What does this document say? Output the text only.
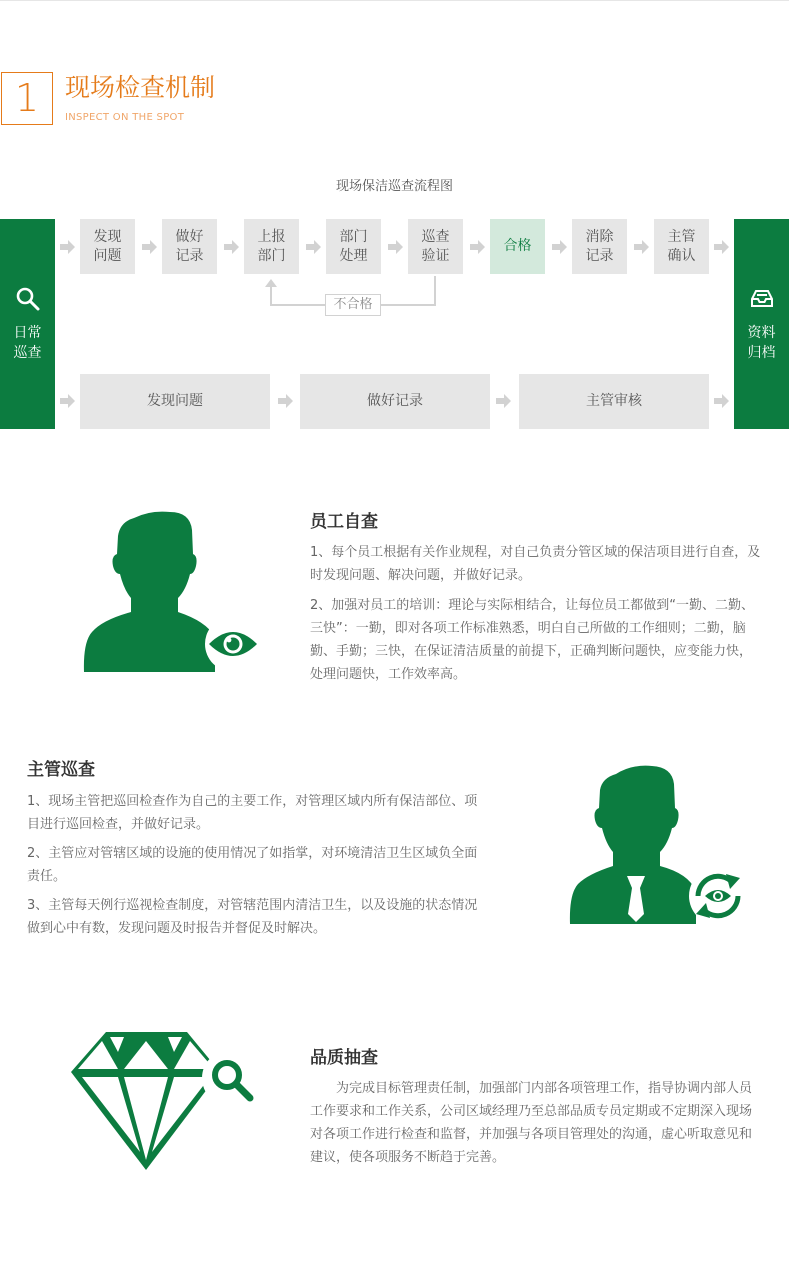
1	现场检查机制
INSPECT ON THE SPOT
现场保洁巡查流程图
日常
巡查
资料
归档
发现
问题
做好
记录
上报
部门
部门
处理
巡查
验证
合格
消除
记录
主管
确认
不合格
发现问题	做好记录	主管审核
员工自查
1、每个员工根据有关作业规程，对自己负责分管区域的保洁项目进行自查，及时发现问题、解决问题，并做好记录。
2、加强对员工的培训：理论与实际相结合，让每位员工都做到“一勤、二勤、三快”：一勤，即对各项工作标准熟悉，明白自己所做的工作细则；二勤，脑勤、手勤；三快，在保证清洁质量的前提下，正确判断问题快，应变能力快，处理问题快，工作效率高。
主管巡查
1、现场主管把巡回检查作为自己的主要工作，对管理区域内所有保洁部位、项目进行巡回检查，并做好记录。
2、主管应对管辖区域的设施的使用情况了如指掌，对环境清洁卫生区域负全面责任。
3、主管每天例行巡视检查制度，对管辖范围内清洁卫生，以及设施的状态情况做到心中有数，发现问题及时报告并督促及时解决。
品质抽查
为完成目标管理责任制，加强部门内部各项管理工作，指导协调内部人员工作要求和工作关系，公司区域经理乃至总部品质专员定期或不定期深入现场对各项工作进行检查和监督，并加强与各项目管理处的沟通，虚心听取意见和建议，使各项服务不断趋于完善。
